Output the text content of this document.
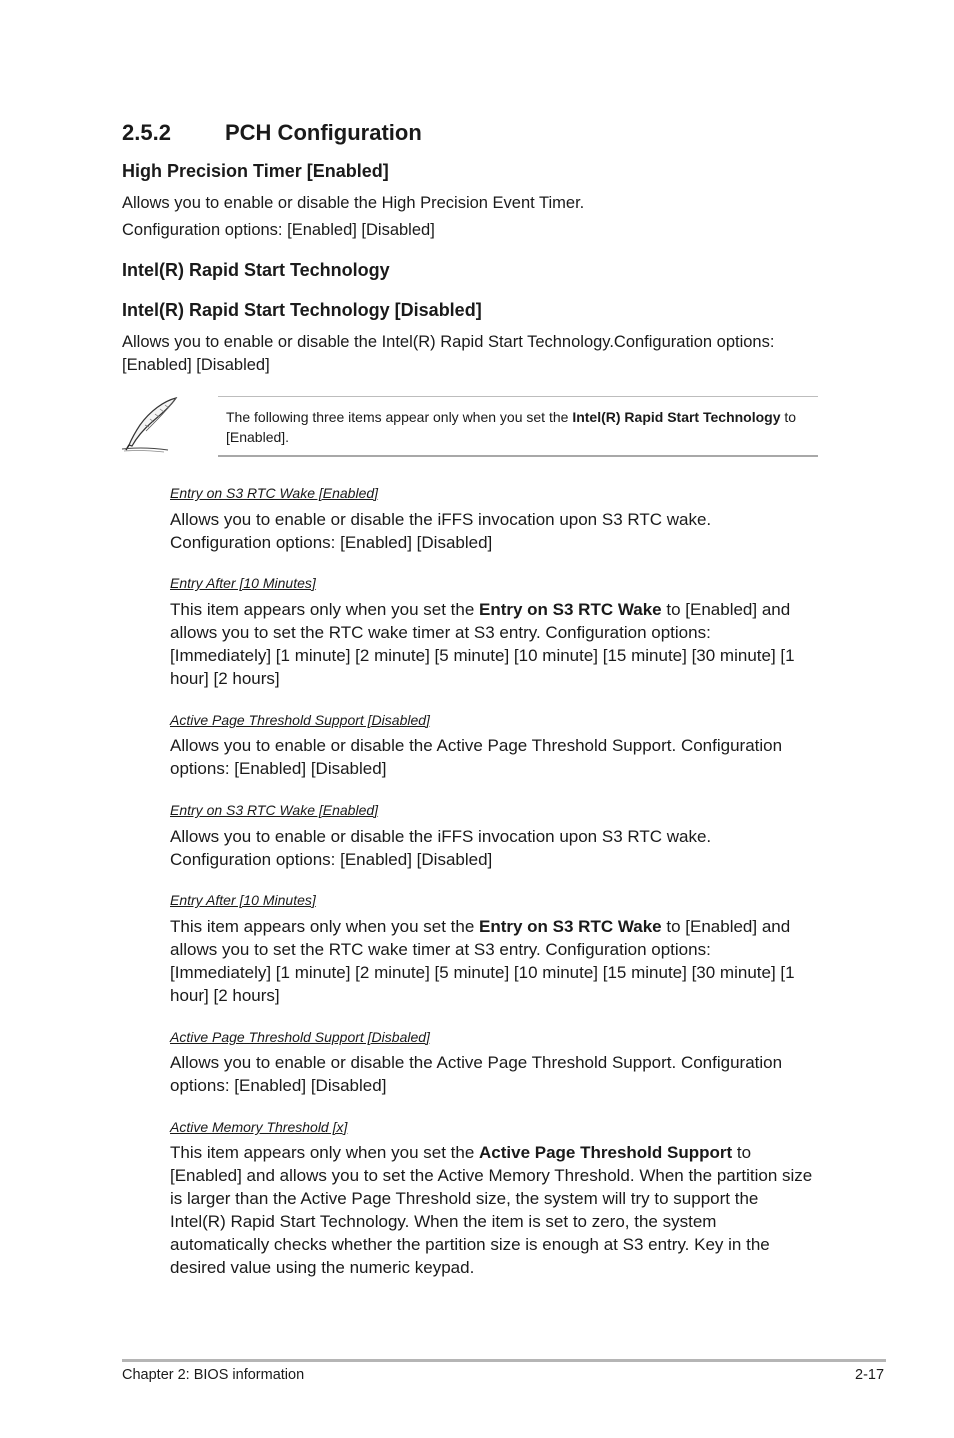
2.5.2 PCH Configuration
High Precision Timer [Enabled]
Allows you to enable or disable the High Precision Event Timer.
Configuration options: [Enabled] [Disabled]
Intel(R) Rapid Start Technology
Intel(R) Rapid Start Technology [Disabled]
Allows you to enable or disable the Intel(R) Rapid Start Technology.Configuration options:
[Enabled] [Disabled]
The following three items appear only when you set the Intel(R) Rapid Start Technology to [Enabled].
Entry on S3 RTC Wake [Enabled]
Allows you to enable or disable the iFFS invocation upon S3 RTC wake. Configuration options: [Enabled] [Disabled]
Entry After [10 Minutes]
This item appears only when you set the Entry on S3 RTC Wake to [Enabled] and allows you to set the RTC wake timer at S3 entry. Configuration options: [Immediately] [1 minute] [2 minute] [5 minute] [10 minute] [15 minute] [30 minute] [1 hour] [2 hours]
Active Page Threshold Support [Disabled]
Allows you to enable or disable the Active Page Threshold Support. Configuration options: [Enabled] [Disabled]
Entry on S3 RTC Wake [Enabled]
Allows you to enable or disable the iFFS invocation upon S3 RTC wake. Configuration options: [Enabled] [Disabled]
Entry After [10 Minutes]
This item appears only when you set the Entry on S3 RTC Wake to [Enabled] and allows you to set the RTC wake timer at S3 entry. Configuration options: [Immediately] [1 minute] [2 minute] [5 minute] [10 minute] [15 minute] [30 minute] [1 hour] [2 hours]
Active Page Threshold Support [Disbaled]
Allows you to enable or disable the Active Page Threshold Support. Configuration options: [Enabled] [Disabled]
Active Memory Threshold [x]
This item appears only when you set the Active Page Threshold Support to [Enabled] and allows you to set the Active Memory Threshold. When the partition size is larger than the Active Page Threshold size, the system will try to support the Intel(R) Rapid Start Technology. When the item is set to zero, the system automatically checks whether the partition size is enough at S3 entry. Key in the desired value using the numeric keypad.
Chapter 2: BIOS information	2-17
